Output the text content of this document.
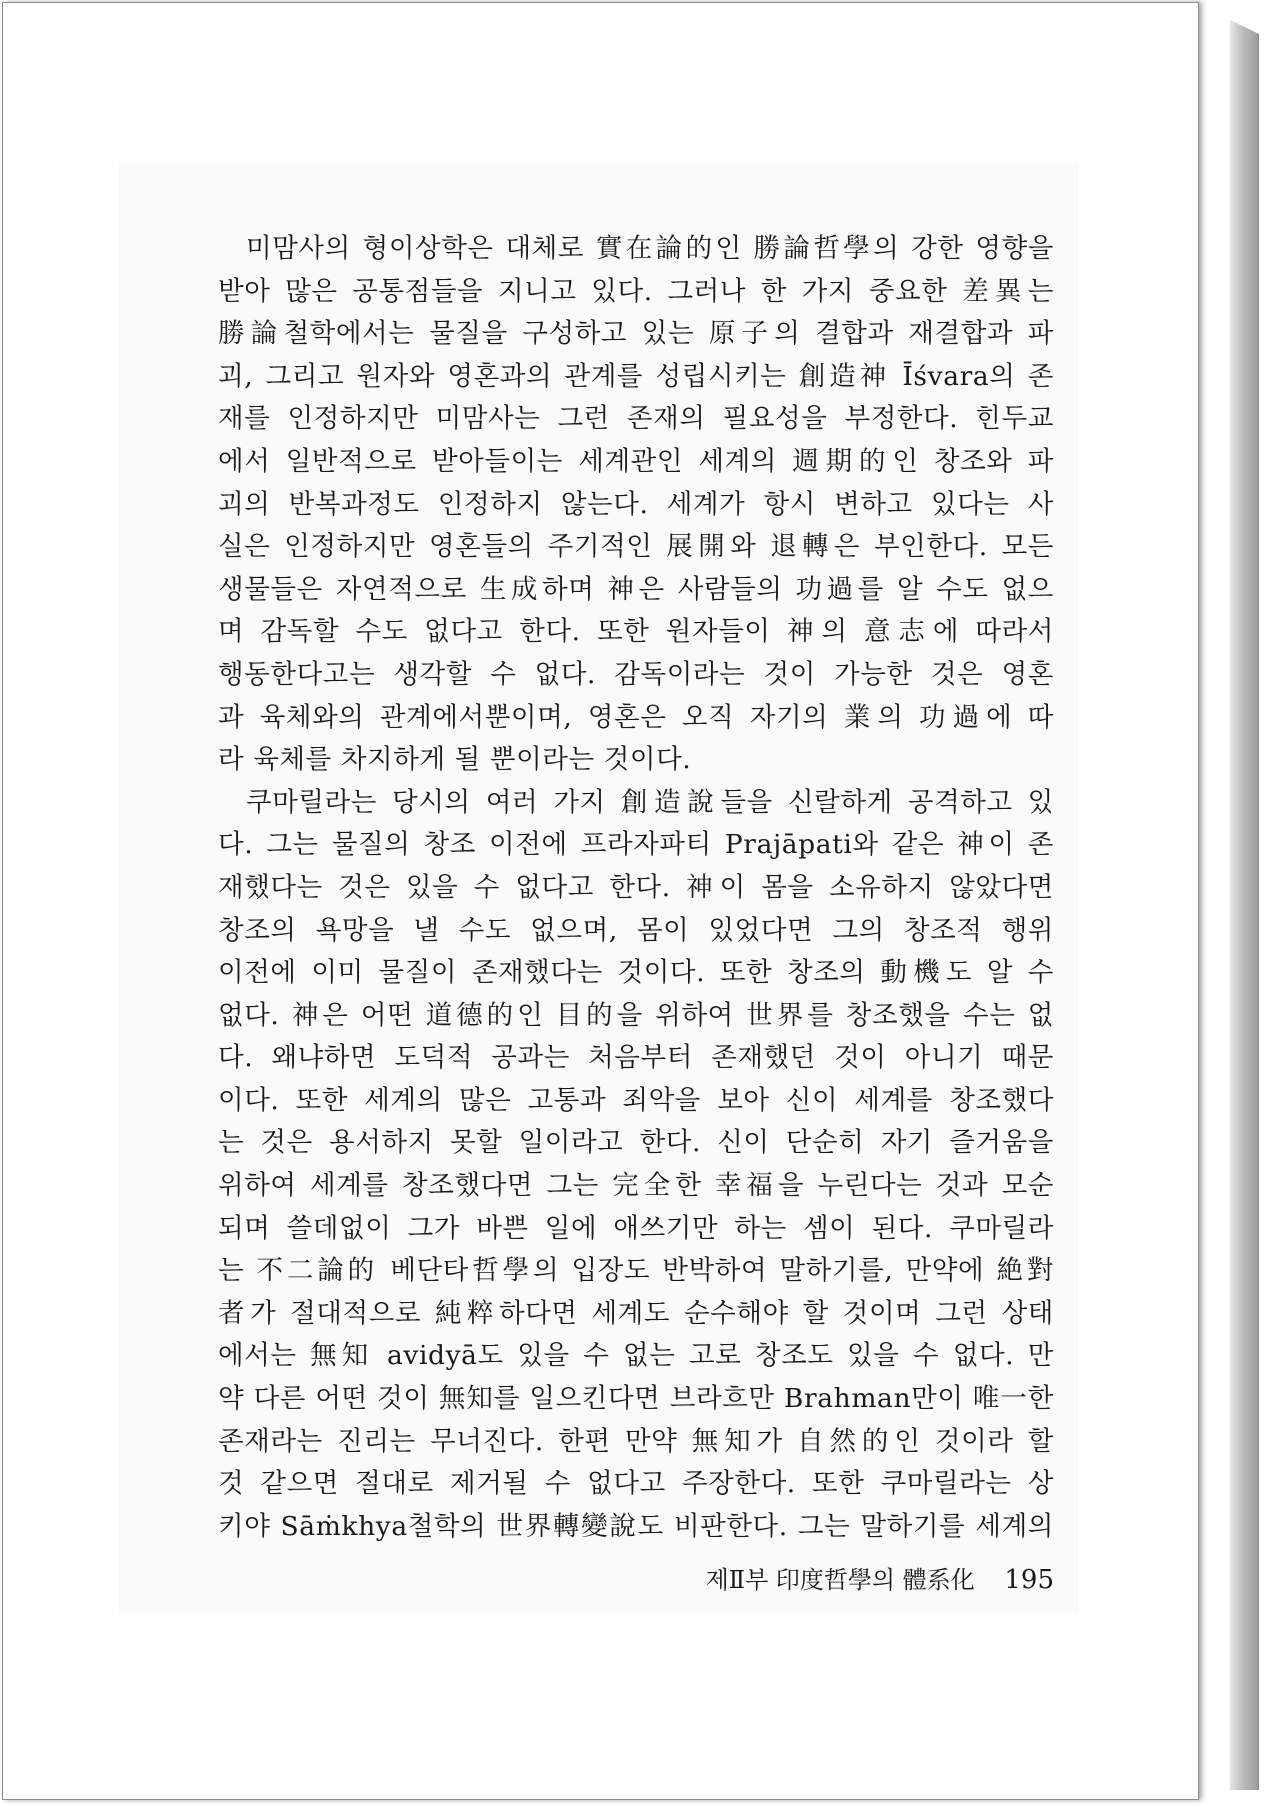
미맘사의 형이상학은 대체로 實在論的인 勝論哲學의 강한 영향을
받아 많은 공통점들을 지니고 있다. 그러나 한 가지 중요한 差異는
勝論철학에서는 물질을 구성하고 있는 原子의 결합과 재결합과 파
괴, 그리고 원자와 영혼과의 관계를 성립시키는 創造神 Īśvara의 존
재를 인정하지만 미맘사는 그런 존재의 필요성을 부정한다. 힌두교
에서 일반적으로 받아들이는 세계관인 세계의 週期的인 창조와 파
괴의 반복과정도 인정하지 않는다. 세계가 항시 변하고 있다는 사
실은 인정하지만 영혼들의 주기적인 展開와 退轉은 부인한다. 모든
생물들은 자연적으로 生成하며 神은 사람들의 功過를 알 수도 없으
며 감독할 수도 없다고 한다. 또한 원자들이 神의 意志에 따라서
행동한다고는 생각할 수 없다. 감독이라는 것이 가능한 것은 영혼
과 육체와의 관계에서뿐이며, 영혼은 오직 자기의 業의 功過에 따
라 육체를 차지하게 될 뿐이라는 것이다.
쿠마릴라는 당시의 여러 가지 創造說들을 신랄하게 공격하고 있
다. 그는 물질의 창조 이전에 프라자파티 Prajāpati와 같은 神이 존
재했다는 것은 있을 수 없다고 한다. 神이 몸을 소유하지 않았다면
창조의 욕망을 낼 수도 없으며, 몸이 있었다면 그의 창조적 행위
이전에 이미 물질이 존재했다는 것이다. 또한 창조의 動機도 알 수
없다. 神은 어떤 道德的인 目的을 위하여 世界를 창조했을 수는 없
다. 왜냐하면 도덕적 공과는 처음부터 존재했던 것이 아니기 때문
이다. 또한 세계의 많은 고통과 죄악을 보아 신이 세계를 창조했다
는 것은 용서하지 못할 일이라고 한다. 신이 단순히 자기 즐거움을
위하여 세계를 창조했다면 그는 完全한 幸福을 누린다는 것과 모순
되며 쓸데없이 그가 바쁜 일에 애쓰기만 하는 셈이 된다. 쿠마릴라
는 不二論的 베단타哲學의 입장도 반박하여 말하기를, 만약에 絶對
者가 절대적으로 純粹하다면 세계도 순수해야 할 것이며 그런 상태
에서는 無知 avidyā도 있을 수 없는 고로 창조도 있을 수 없다. 만
약 다른 어떤 것이 無知를 일으킨다면 브라흐만 Brahman만이 唯一한
존재라는 진리는 무너진다. 한편 만약 無知가 自然的인 것이라 할
것 같으면 절대로 제거될 수 없다고 주장한다. 또한 쿠마릴라는 상
키야 Sāṁkhya철학의 世界轉變說도 비판한다. 그는 말하기를 세계의
제Ⅱ부 印度哲學의 體系化 195
